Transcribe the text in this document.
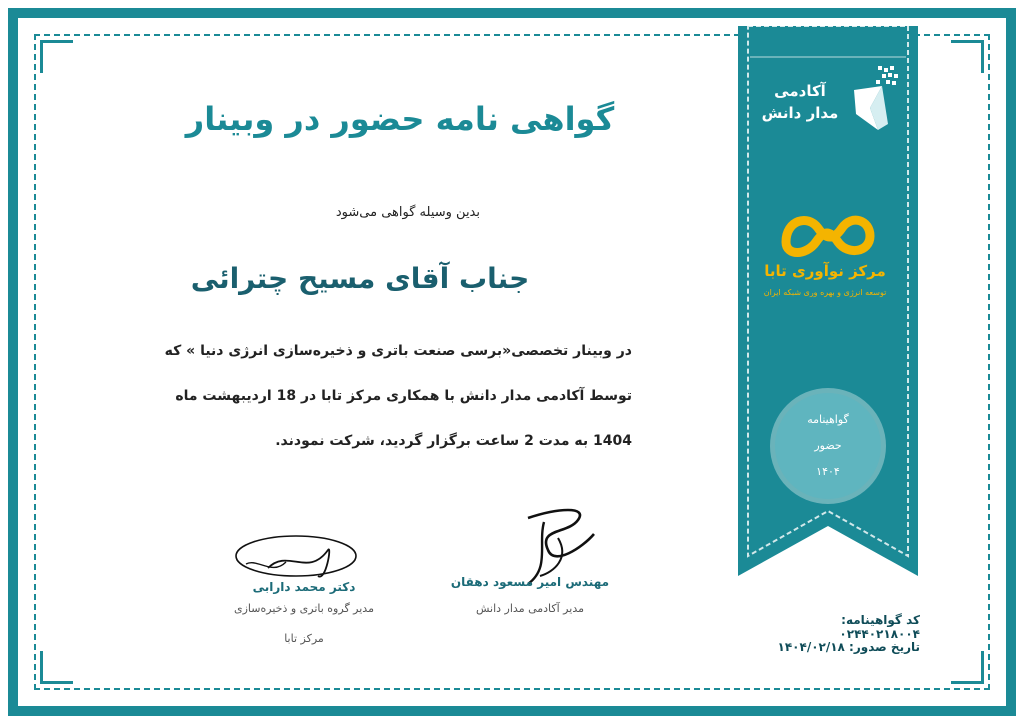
آکادمی
مدار دانش
مرکز نوآوری تابا
توسعه انرژی و بهره وری شبکه ایران
گواهینامه
حضور
۱۴۰۴
گواهی نامه حضور در وبینار
بدین وسیله گواهی می‌شود
جناب آقای مسیح چترائی
در وبینار تخصصی«برسی صنعت باتری و ذخیره‌سازی انرژی دنیا » که
توسط آکادمی مدار دانش با همکاری مرکز تابا در 18 اردیبهشت ماه
1404 به مدت 2 ساعت برگزار گردید، شرکت نمودند.
دکتر محمد دارابی
مدیر گروه باتری و ذخیره‌سازی
مرکز تابا
مهندس امیر مسعود دهقان
مدیر آکادمی مدار دانش
کد گواهینامه: ۰۲۴۴۰۲۱۸۰۰۴
تاریخ صدور: ۱۴۰۴/۰۲/۱۸
